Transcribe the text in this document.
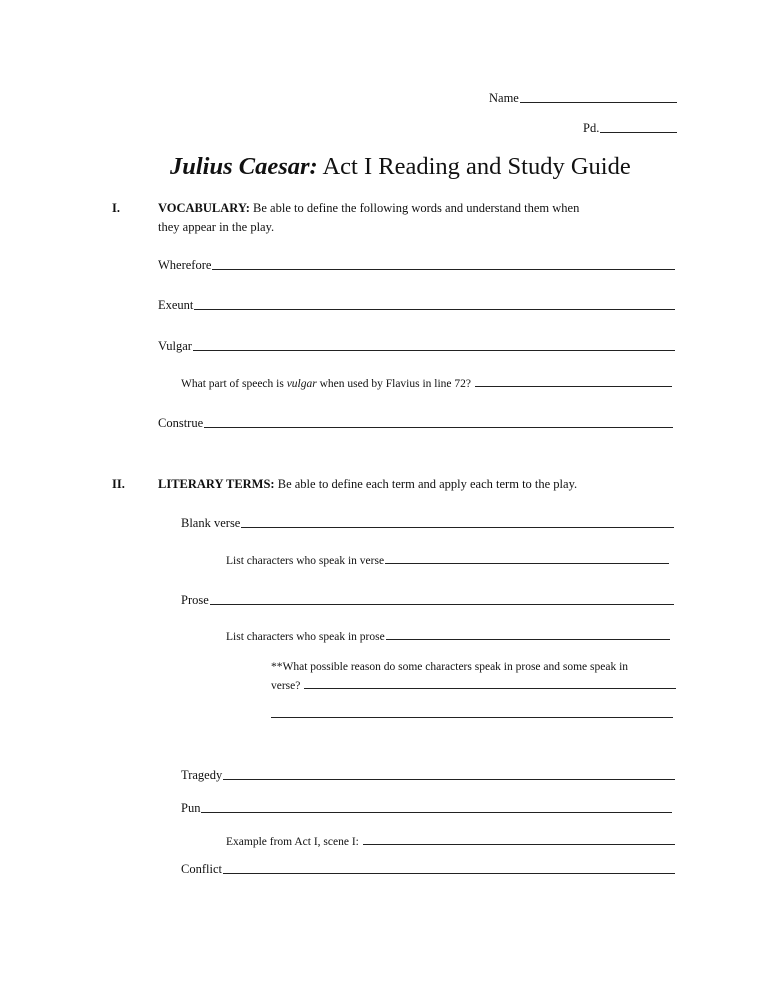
Name
Pd.
Julius Caesar: Act I Reading and Study Guide
I.	VOCABULARY: Be able to define the following words and understand them when
they appear in the play.
Wherefore
Exeunt
Vulgar
What part of speech is vulgar when used by Flavius in line 72?
Construe
II.	LITERARY TERMS: Be able to define each term and apply each term to the play.
Blank verse
List characters who speak in verse
Prose
List characters who speak in prose
**What possible reason do some characters speak in prose and some speak in
verse?
Tragedy
Pun
Example from Act I, scene I:
Conflict
